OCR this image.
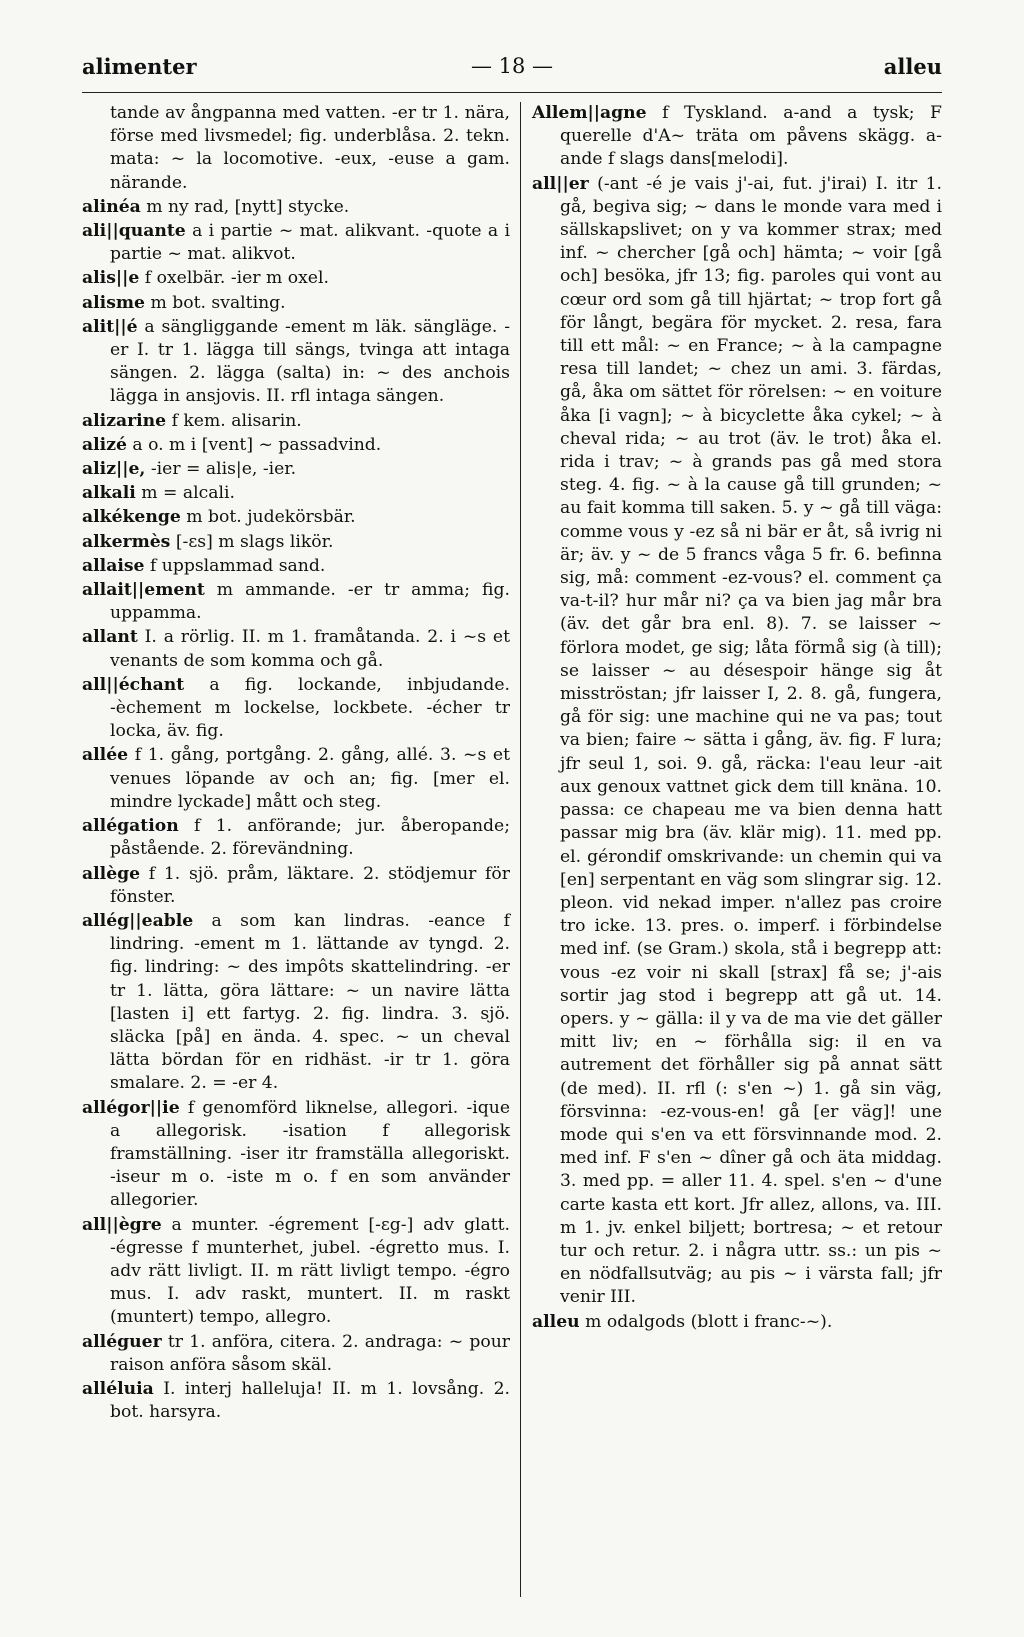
alimenter	— 18 —	alleu

tande av ångpanna med vatten. -er tr 1. nära, förse med livsmedel; fig. underblåsa. 2. tekn. mata: ~ la locomotive. -eux, -euse a gam. närande.

alinéa m ny rad, [nytt] stycke.

ali||quante a i partie ~ mat. alikvant. -quote a i partie ~ mat. alikvot.

alis||e f oxelbär. -ier m oxel.

alisme m bot. svalting.

alit||é a sängliggande -ement m läk. sängläge. -er I. tr 1. lägga till sängs, tvinga att intaga sängen. 2. lägga (salta) in: ~ des anchois lägga in ansjovis. II. rfl intaga sängen.

alizarine f kem. alisarin.

alizé a o. m i [vent] ~ passadvind.

aliz||e, -ier = alis|e, -ier.

alkali m = alcali.

alkékenge m bot. judekörsbär.

alkermès [-ɛs] m slags likör.

allaise f uppslammad sand.

allait||ement m ammande. -er tr amma; fig. uppamma.

allant I. a rörlig. II. m 1. framåtanda. 2. i ~s et venants de som komma och gå.

all||échant a fig. lockande, inbjudande. -èchement m lockelse, lockbete. -écher tr locka, äv. fig.

allée f 1. gång, portgång. 2. gång, allé. 3. ~s et venues löpande av och an; fig. [mer el. mindre lyckade] mått och steg.

allégation f 1. anförande; jur. åberopande; påstående. 2. förevändning.

allège f 1. sjö. pråm, läktare. 2. stödjemur för fönster.

allég||eable a som kan lindras. -eance f lindring. -ement m 1. lättande av tyngd. 2. fig. lindring: ~ des impôts skattelindring. -er tr 1. lätta, göra lättare: ~ un navire lätta [lasten i] ett fartyg. 2. fig. lindra. 3. sjö. släcka [på] en ända. 4. spec. ~ un cheval lätta bördan för en ridhäst. -ir tr 1. göra smalare. 2. = -er 4.

allégor||ie f genomförd liknelse, allegori. -ique a allegorisk. -isation f allegorisk framställning. -iser itr framställa allegoriskt. -iseur m o. -iste m o. f en som använder allegorier.

all||ègre a munter. -égrement [-ɛg-] adv glatt. -égresse f munterhet, jubel. -égretto mus. I. adv rätt livligt. II. m rätt livligt tempo. -égro mus. I. adv raskt, muntert. II. m raskt (muntert) tempo, allegro.

alléguer tr 1. anföra, citera. 2. andraga: ~ pour raison anföra såsom skäl.

alléluia I. interj halleluja! II. m 1. lovsång. 2. bot. harsyra.

Allem||agne f Tyskland. a-and a tysk; F querelle d'A~ träta om påvens skägg. a-ande f slags dans[melodi].

all||er (-ant -é je vais j'-ai, fut. j'irai) I. itr 1. gå, begiva sig; ~ dans le monde vara med i sällskapslivet; on y va kommer strax; med inf. ~ chercher [gå och] hämta; ~ voir [gå och] besöka, jfr 13; fig. paroles qui vont au cœur ord som gå till hjärtat; ~ trop fort gå för långt, begära för mycket. 2. resa, fara till ett mål: ~ en France; ~ à la campagne resa till landet; ~ chez un ami. 3. färdas, gå, åka om sättet för rörelsen: ~ en voiture åka [i vagn]; ~ à bicyclette åka cykel; ~ à cheval rida; ~ au trot (äv. le trot) åka el. rida i trav; ~ à grands pas gå med stora steg. 4. fig. ~ à la cause gå till grunden; ~ au fait komma till saken. 5. y ~ gå till väga: comme vous y -ez så ni bär er åt, så ivrig ni är; äv. y ~ de 5 francs våga 5 fr. 6. befinna sig, må: comment -ez-vous? el. comment ça va-t-il? hur mår ni? ça va bien jag mår bra (äv. det går bra enl. 8). 7. se laisser ~ förlora modet, ge sig; låta förmå sig (à till); se laisser ~ au désespoir hänge sig åt misströstan; jfr laisser I, 2. 8. gå, fungera, gå för sig: une machine qui ne va pas; tout va bien; faire ~ sätta i gång, äv. fig. F lura; jfr seul 1, soi. 9. gå, räcka: l'eau leur -ait aux genoux vattnet gick dem till knäna. 10. passa: ce chapeau me va bien denna hatt passar mig bra (äv. klär mig). 11. med pp. el. gérondif omskrivande: un chemin qui va [en] serpentant en väg som slingrar sig. 12. pleon. vid nekad imper. n'allez pas croire tro icke. 13. pres. o. imperf. i förbindelse med inf. (se Gram.) skola, stå i begrepp att: vous -ez voir ni skall [strax] få se; j'-ais sortir jag stod i begrepp att gå ut. 14. opers. y ~ gälla: il y va de ma vie det gäller mitt liv; en ~ förhålla sig: il en va autrement det förhåller sig på annat sätt (de med). II. rfl (: s'en ~) 1. gå sin väg, försvinna: -ez-vous-en! gå [er väg]! une mode qui s'en va ett försvinnande mod. 2. med inf. F s'en ~ dîner gå och äta middag. 3. med pp. = aller 11. 4. spel. s'en ~ d'une carte kasta ett kort. Jfr allez, allons, va. III. m 1. jv. enkel biljett; bortresa; ~ et retour tur och retur. 2. i några uttr. ss.: un pis ~ en nödfallsutväg; au pis ~ i värsta fall; jfr venir III.

alleu m odalgods (blott i franc-~).
